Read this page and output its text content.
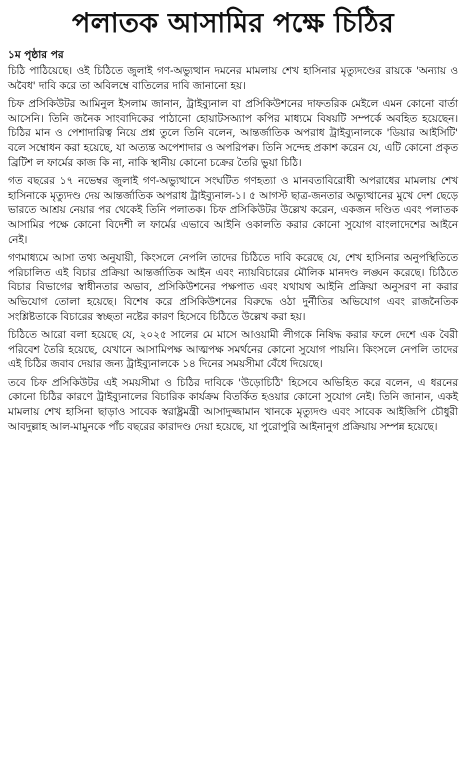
পলাতক আসামির পক্ষে চিঠির
১ম পৃষ্ঠার পর

চিঠি পাঠিয়েছে। ওই চিঠিতে জুলাই গণ-অভ্যুত্থান দমনের মামলায় শেখ হাসিনার মৃত্যুদণ্ডের রায়কে 'অন্যায় ও অবৈধ' দাবি করে তা অবিলম্বে বাতিলের দাবি জানানো হয়।

চিফ প্রসিকিউটর আমিনুল ইসলাম জানান, ট্রাইব্যুনাল বা প্রসিকিউশনের দাফতরিক মেইলে এমন কোনো বার্তা আসেনি। তিনি জনৈক সাংবাদিকের পাঠানো হোয়াটসঅ্যাপ কপির মাধ্যমে বিষয়টি সম্পর্কে অবহিত হয়েছেন। চিঠির মান ও পেশাদারিত্ব নিয়ে প্রশ্ন তুলে তিনি বলেন, আন্তর্জাতিক অপরাধ ট্রাইব্যুনালকে 'ডিয়ার আইসিটি' বলে সম্বোধন করা হয়েছে, যা অত্যন্ত অপেশাদার ও অপরিপক্ব। তিনি সন্দেহ প্রকাশ করেন যে, এটি কোনো প্রকৃত ব্রিটিশ ল ফার্মের কাজ কি না, নাকি স্থানীয় কোনো চক্রের তৈরি ভুয়া চিঠি।

গত বছরের ১৭ নভেম্বর জুলাই গণ-অভ্যুত্থানে সংঘটিত গণহত্যা ও মানবতাবিরোধী অপরাধের মামলায় শেখ হাসিনাকে মৃত্যুদণ্ড দেয় আন্তর্জাতিক অপরাধ ট্রাইব্যুনাল-১। ৫ আগস্ট ছাত্র-জনতার অভ্যুত্থানের মুখে দেশ ছেড়ে ভারতে আশ্রয় নেয়ার পর থেকেই তিনি পলাতক। চিফ প্রসিকিউটর উল্লেখ করেন, একজন দণ্ডিত এবং পলাতক আসামির পক্ষে কোনো বিদেশী ল ফার্মের এভাবে আইনি ওকালতি করার কোনো সুযোগ বাংলাদেশের আইনে নেই।

গণমাধ্যমে আসা তথ্য অনুযায়ী, কিংসলে নেপলি তাদের চিঠিতে দাবি করেছে যে, শেখ হাসিনার অনুপস্থিতিতে পরিচালিত এই বিচার প্রক্রিয়া আন্তর্জাতিক আইন এবং ন্যায়বিচারের মৌলিক মানদণ্ড লঙ্ঘন করেছে। চিঠিতে বিচার বিভাগের স্বাধীনতার অভাব, প্রসিকিউশনের পক্ষপাত এবং যথাযথ আইনি প্রক্রিয়া অনুসরণ না করার অভিযোগ তোলা হয়েছে। বিশেষ করে প্রসিকিউশনের বিরুদ্ধে ওঠা দুর্নীতির অভিযোগ এবং রাজনৈতিক সংশ্লিষ্টতাকে বিচারের স্বচ্ছতা নষ্টের কারণ হিসেবে চিঠিতে উল্লেখ করা হয়।

চিঠিতে আরো বলা হয়েছে যে, ২০২৫ সালের মে মাসে আওয়ামী লীগকে নিষিদ্ধ করার ফলে দেশে এক বৈরী পরিবেশ তৈরি হয়েছে, যেখানে আসামিপক্ষ আত্মপক্ষ সমর্থনের কোনো সুযোগ পায়নি। কিংসলে নেপলি তাদের এই চিঠির জবাব দেয়ার জন্য ট্রাইব্যুনালকে ১৪ দিনের সময়সীমা বেঁধে দিয়েছে।

তবে চিফ প্রসিকিউটর এই সময়সীমা ও চিঠির দাবিকে 'উড়োচিঠি' হিসেবে অভিহিত করে বলেন, এ ধরনের কোনো চিঠির কারণে ট্রাইব্যুনালের বিচারিক কার্যক্রম বিতর্কিত হওয়ার কোনো সুযোগ নেই। তিনি জানান, একই মামলায় শেখ হাসিনা ছাড়াও সাবেক স্বরাষ্ট্রমন্ত্রী আসাদুজ্জামান খানকে মৃত্যুদণ্ড এবং সাবেক আইজিপি চৌধুরী আবদুল্লাহ আল-মামুনকে পাঁচ বছরের কারাদণ্ড দেয়া হয়েছে, যা পুরোপুরি আইনানুগ প্রক্রিয়ায় সম্পন্ন হয়েছে।
